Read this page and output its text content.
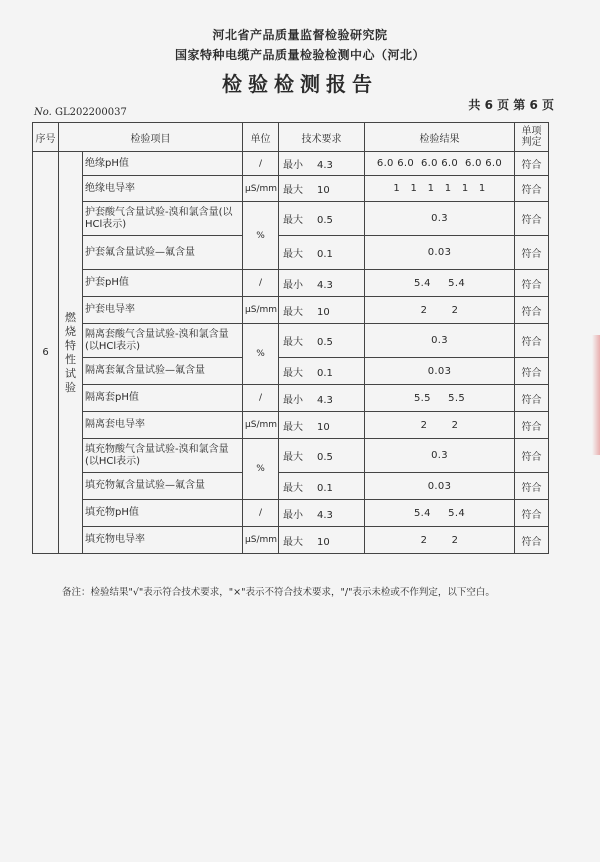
河北省产品质量监督检验研究院
国家特种电缆产品质量检验检测中心（河北）
检验检测报告
共 6 页 第 6 页
No. GL202200037
序号	检验项目		单位	技术要求	检验结果	单项判定
6	燃烧特性试验	绝缘pH值	/	最小 4.3	6.0 6.0  6.0 6.0  6.0 6.0	符合
		绝缘电导率	μS/mm	最大 10	1   1   1   1   1   1	符合
		护套酸气含量试验-溴和氯含量(以HCl表示)	%	最大 0.5	0.3	符合
		护套氟含量试验—氟含量		最大 0.1	0.03	符合
		护套pH值	/	最小 4.3	5.4     5.4	符合
		护套电导率	μS/mm	最大 10	2       2	符合
		隔离套酸气含量试验-溴和氯含量(以HCl表示)	%	最大 0.5	0.3	符合
		隔离套氟含量试验—氟含量		最大 0.1	0.03	符合
		隔离套pH值	/	最小 4.3	5.5     5.5	符合
		隔离套电导率	μS/mm	最大 10	2       2	符合
		填充物酸气含量试验-溴和氯含量(以HCl表示)	%	最大 0.5	0.3	符合
		填充物氟含量试验—氟含量		最大 0.1	0.03	符合
		填充物pH值	/	最小 4.3	5.4     5.4	符合
		填充物电导率	μS/mm	最大 10	2       2	符合
备注：检验结果"√"表示符合技术要求，"×"表示不符合技术要求，"/"表示未检或不作判定，以下空白。
